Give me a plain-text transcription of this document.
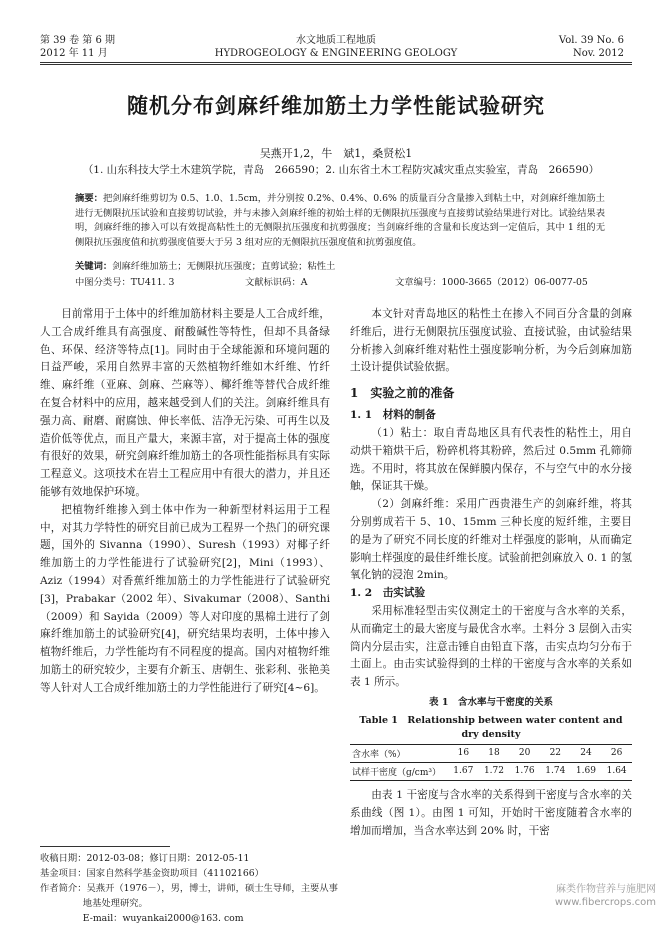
第 39 卷 第 6 期
2012 年 11 月
水文地质工程地质
HYDROGEOLOGY & ENGINEERING GEOLOGY
Vol. 39 No. 6
Nov. 2012
随机分布剑麻纤维加筋土力学性能试验研究
吴燕开1,2，牛　斌1，桑贤松1
（1. 山东科技大学土木建筑学院，青岛　266590；2. 山东省土木工程防灾减灾重点实验室，青岛　266590）
摘要：把剑麻纤维剪切为 0.5、1.0、1.5cm，并分别按 0.2%、0.4%、0.6% 的质量百分含量掺入到粘土中，对剑麻纤维加筋土进行无侧限抗压试验和直接剪切试验，并与未掺入剑麻纤维的初始土样的无侧限抗压强度与直接剪试验结果进行对比。试验结果表明，剑麻纤维的掺入可以有效提高粘性土的无侧限抗压强度和抗剪强度；当剑麻纤维的含量和长度达到一定值后，其中 1 组的无侧限抗压强度值和抗剪强度值要大于另 3 组对应的无侧限抗压强度值和抗剪强度值。
关键词：剑麻纤维加筋土；无侧限抗压强度；直剪试验；粘性土
中图分类号：TU411. 3	文献标识码：A	文章编号：1000-3665（2012）06-0077-05

目前常用于土体中的纤维加筋材料主要是人工合成纤维，人工合成纤维具有高强度、耐酸碱性等特性，但却不具备绿色、环保、经济等特点[1]。同时由于全球能源和环境问题的日益严峻，采用自然界丰富的天然植物纤维如木纤维、竹纤维、麻纤维（亚麻、剑麻、苎麻等）、椰纤维等替代合成纤维在复合材料中的应用，越来越受到人们的关注。剑麻纤维具有强力高、耐磨、耐腐蚀、伸长率低、洁净无污染、可再生以及造价低等优点，而且产量大，来源丰富，对于提高土体的强度有很好的效果，研究剑麻纤维加筋土的各项性能指标具有实际工程意义。这项技术在岩土工程应用中有很大的潜力，并且还能够有效地保护环境。

把植物纤维掺入到土体中作为一种新型材料运用于工程中，对其力学特性的研究目前已成为工程界一个热门的研究课题，国外的 Sivanna（1990）、Suresh（1993）对椰子纤维加筋土的力学性能进行了试验研究[2]，Mini（1993）、Aziz（1994）对香蕉纤维加筋土的力学性能进行了试验研究[3]，Prabakar（2002 年）、Sivakumar（2008）、Santhi（2009）和 Sayida（2009）等人对印度的黑棉土进行了剑麻纤维加筋土的试验研究[4]，研究结果均表明，土体中掺入植物纤维后，力学性能均有不同程度的提高。国内对植物纤维加筋土的研究较少，主要有介新玉、唐朝生、张彩利、张艳美等人针对人工合成纤维加筋土的力学性能进行了研究[4~6]。

收稿日期：2012-03-08；修订日期：2012-05-11
基金项目：国家自然科学基金资助项目（41102166）
作者简介：吴燕开（1976－），男，博士，讲师，硕士生导师，主要从事地基处理研究。
E-mail：wuyankai2000@163. com

本文针对青岛地区的粘性土在掺入不同百分含量的剑麻纤维后，进行无侧限抗压强度试验、直接试验，由试验结果分析掺入剑麻纤维对粘性土强度影响分析，为今后剑麻加筋土设计提供试验依据。

1　实验之前的准备

1. 1　材料的制备

（1）粘土：取自青岛地区具有代表性的粘性土，用自动烘干箱烘干后，粉碎机将其粉碎，然后过 0.5mm 孔筛筛选。不用时，将其放在保鲜膜内保存，不与空气中的水分接触，保证其干燥。

（2）剑麻纤维：采用广西贵港生产的剑麻纤维，将其分别剪成若干 5、10、15mm 三种长度的短纤维，主要目的是为了研究不同长度的纤维对土样强度的影响，从而确定影响土样强度的最佳纤维长度。试验前把剑麻放入 0. 1 的氢氧化钠的浸泡 2min。

1. 2　击实试验

采用标准轻型击实仪测定土的干密度与含水率的关系，从而确定土的最大密度与最优含水率。土料分 3 层倒入击实筒内分层击实，注意击锤自由铅直下落，击实点均匀分布于土面上。由击实试验得到的土样的干密度与含水率的关系如表 1 所示。

表 1　含水率与干密度的关系

Table 1　Relationship between water content and dry density

含水率（%）	16	18	20	22	24	26
试样干密度（g/cm³）	1.67	1.72	1.76	1.74	1.69	1.64

由表 1 干密度与含水率的关系得到干密度与含水率的关系曲线（图 1）。由图 1 可知，开始时干密度随着含水率的增加而增加，当含水率达到 20% 时，干密

麻类作物营养与施肥网
www.fibercrops.com
